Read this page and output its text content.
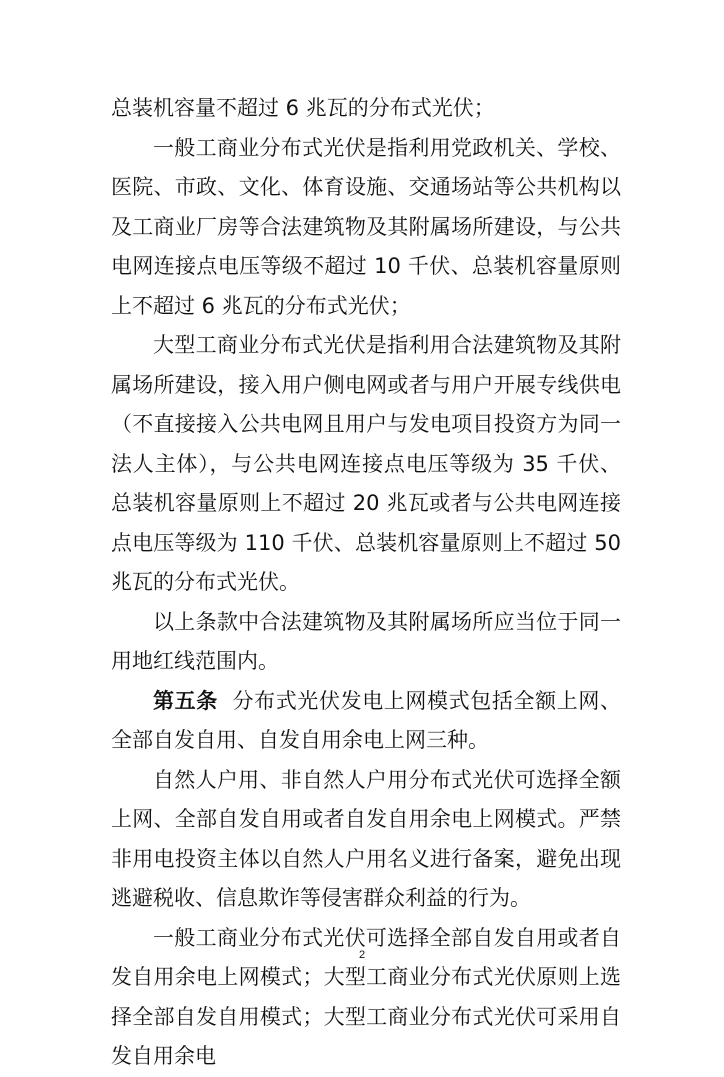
总装机容量不超过 6 兆瓦的分布式光伏；

一般工商业分布式光伏是指利用党政机关、学校、医院、市政、文化、体育设施、交通场站等公共机构以及工商业厂房等合法建筑物及其附属场所建设，与公共电网连接点电压等级不超过 10 千伏、总装机容量原则上不超过 6 兆瓦的分布式光伏；

大型工商业分布式光伏是指利用合法建筑物及其附属场所建设，接入用户侧电网或者与用户开展专线供电（不直接接入公共电网且用户与发电项目投资方为同一法人主体），与公共电网连接点电压等级为 35 千伏、总装机容量原则上不超过 20 兆瓦或者与公共电网连接点电压等级为 110 千伏、总装机容量原则上不超过 50 兆瓦的分布式光伏。

以上条款中合法建筑物及其附属场所应当位于同一用地红线范围内。

第五条 分布式光伏发电上网模式包括全额上网、全部自发自用、自发自用余电上网三种。

自然人户用、非自然人户用分布式光伏可选择全额上网、全部自发自用或者自发自用余电上网模式。严禁非用电投资主体以自然人户用名义进行备案，避免出现逃避税收、信息欺诈等侵害群众利益的行为。

一般工商业分布式光伏可选择全部自发自用或者自发自用余电上网模式；大型工商业分布式光伏原则上选择全部自发自用模式；大型工商业分布式光伏可采用自发自用余电

2
